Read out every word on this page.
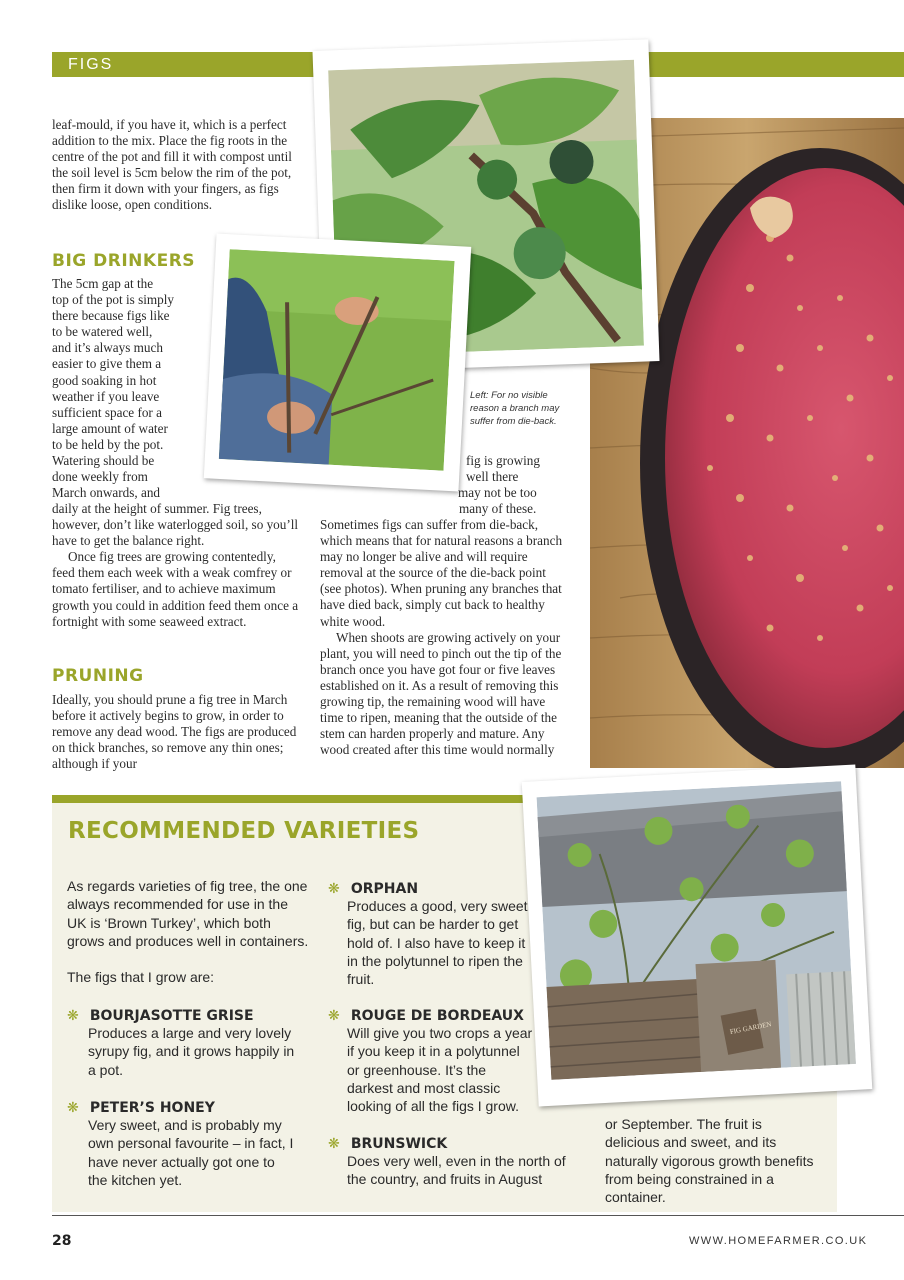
FIGS
leaf-mould, if you have it, which is a perfect addition to the mix. Place the fig roots in the centre of the pot and fill it with compost until the soil level is 5cm below the rim of the pot, then firm it down with your fingers, as figs dislike loose, open conditions.
BIG DRINKERS
The 5cm gap at the
top of the pot is simply
there because figs like
to be watered well,
and it’s always much
easier to give them a
good soaking in hot
weather if you leave
sufficient space for a
large amount of water
to be held by the pot.
Watering should be
done weekly from
March onwards, and

daily at the height of summer. Fig trees, however, don’t like waterlogged soil, so you’ll have to get the balance right.

Once fig trees are growing contentedly, feed them each week with a weak comfrey or tomato fertiliser, and to achieve maximum growth you could in addition feed them once a fortnight with some seaweed extract.

PRUNING
Ideally, you should prune a fig tree in March before it actively begins to grow, in order to remove any dead wood. The figs are produced on thick branches, so remove any thin ones; although if your
Left: For no visible reason a branch may suffer from die-back.
fig is growing
well there
may not be too
many of these.

Sometimes figs can suffer from die-back, which means that for natural reasons a branch may no longer be alive and will require removal at the source of the die-back point (see photos). When pruning any branches that have died back, simply cut back to healthy white wood.

When shoots are growing actively on your plant, you will need to pinch out the tip of the branch once you have got four or five leaves established on it. As a result of removing this growing tip, the remaining wood will have time to ripen, meaning that the outside of the stem can harden properly and mature. Any wood created after this time would normally

RECOMMENDED VARIETIES
As regards varieties of fig tree, the one always recommended for use in the UK is ‘Brown Turkey’, which both grows and produces well in containers.
The figs that I grow are:
❋ BOURJASOTTE GRISE
Produces a large and very lovely syrupy fig, and it grows happily in a pot.
❋ PETER’S HONEY
Very sweet, and is probably my own personal favourite – in fact, I have never actually got one to the kitchen yet.
❋ ORPHAN
Produces a good, very sweet fig, but can be harder to get hold of. I also have to keep it in the polytunnel to ripen the fruit.
❋ ROUGE DE BORDEAUX
Will give you two crops a year if you keep it in a polytunnel or greenhouse. It’s the darkest and most classic looking of all the figs I grow.
❋ BRUNSWICK
Does very well, even in the north of the country, and fruits in August
or September. The fruit is delicious and sweet, and its naturally vigorous growth benefits from being constrained in a container.
FIG GARDEN
28	WWW.HOMEFARMER.CO.UK
